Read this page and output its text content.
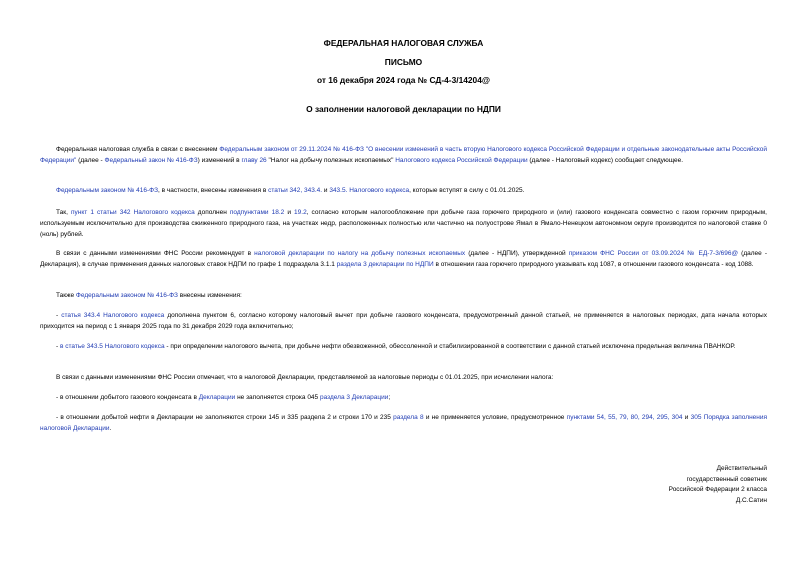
ФЕДЕРАЛЬНАЯ НАЛОГОВАЯ СЛУЖБА
ПИСЬМО
от 16 декабря 2024 года № СД-4-3/14204@
О заполнении налоговой декларации по НДПИ
Федеральная налоговая служба в связи с внесением Федеральным законом от 29.11.2024 № 416-ФЗ "О внесении изменений в часть вторую Налогового кодекса Российской Федерации и отдельные законодательные акты Российской Федерации" (далее - Федеральный закон № 416-ФЗ) изменений в главу 26 "Налог на добычу полезных ископаемых" Налогового кодекса Российской Федерации (далее - Налоговый кодекс) сообщает следующее.
Федеральным законом № 416-ФЗ, в частности, внесены изменения в статьи 342, 343.4. и 343.5. Налогового кодекса, которые вступят в силу с 01.01.2025.
Так, пункт 1 статьи 342 Налогового кодекса дополнен подпунктами 18.2 и 19.2, согласно которым налогообложение при добыче газа горючего природного и (или) газового конденсата совместно с газом горючим природным, используемым исключительно для производства сжиженного природного газа, на участках недр, расположенных полностью или частично на полуострове Ямал в Ямало-Ненецком автономном округе производится по налоговой ставке 0 (ноль) рублей.
В связи с данными изменениями ФНС России рекомендует в налоговой декларации по налогу на добычу полезных ископаемых (далее - НДПИ), утвержденной приказом ФНС России от 03.09.2024 № ЕД-7-3/696@ (далее - Декларация), в случае применения данных налоговых ставок НДПИ по графе 1 подраздела 3.1.1 раздела 3 декларации по НДПИ в отношении газа горючего природного указывать код 1087, в отношении газового конденсата - код 1088.
Также Федеральным законом № 416-ФЗ внесены изменения:
- статья 343.4 Налогового кодекса дополнена пунктом 6, согласно которому налоговый вычет при добыче газового конденсата, предусмотренный данной статьей, не применяется в налоговых периодах, дата начала которых приходится на период с 1 января 2025 года по 31 декабря 2029 года включительно;
- в статье 343.5 Налогового кодекса - при определении налогового вычета, при добыче нефти обезвоженной, обессоленной и стабилизированной в соответствии с данной статьей исключена предельная величина ПВАНКОР.
В связи с данными изменениями ФНС России отмечает, что в налоговой Декларации, представляемой за налоговые периоды с 01.01.2025, при исчислении налога:
- в отношении добытого газового конденсата в Декларации не заполняется строка 045 раздела 3 Декларации;
- в отношении добытой нефти в Декларации не заполняются строки 145 и 335 раздела 2 и строки 170 и 235 раздела 8 и не применяется условие, предусмотренное пунктами 54, 55, 79, 80, 294, 295, 304 и 305 Порядка заполнения налоговой Декларации.
Действительный
государственный советник
Российской Федерации 2 класса
Д.С.Сатин
